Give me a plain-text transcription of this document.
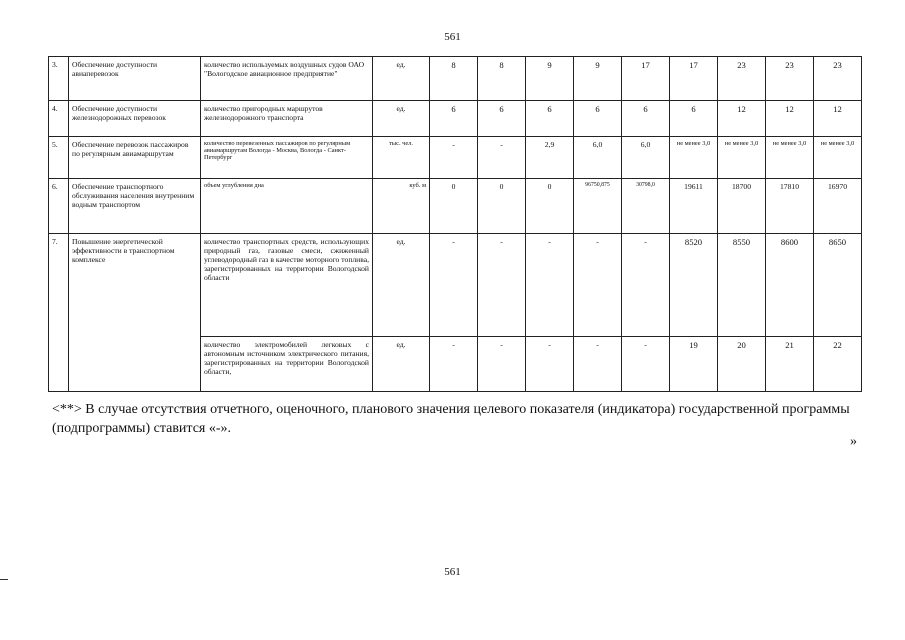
561
3.	Обеспечение доступности авиаперевозок	количество используемых воздушных судов ОАО "Вологодское авиационное предприятие"	ед.	8	8	9	9	17	17	23	23	23
4.	Обеспечение доступности железнодорожных перевозок	количество пригородных маршрутов железнодорожного транспорта	ед.	6	6	6	6	6	6	12	12	12
5.	Обеспечение перевозок пассажиров по регулярным авиамаршрутам	количество перевезенных пассажиров по регулярным авиамаршрутам Вологда - Москва, Вологда - Санкт-Петербург	тыс. чел.	-	-	2,9	6,0	6,0	не менее 3,0	не менее 3,0	не менее 3,0	не менее 3,0
6.	Обеспечение транспортного обслуживания населения внутренним водным транспортом	объем углубления дна	куб. м	0	0	0	96750,875	30798,0	19611	18700	17810	16970
7.	Повышение энергетической эффективности в транспортном комплексе	количество транспортных средств, использующих природный газ, газовые смеси, сжиженный углеводородный газ в качестве моторного топлива, зарегистрированных на территории Вологодской области	ед.	-	-	-	-	-	8520	8550	8600	8650
		количество электромобилей легковых с автономным источником электрического питания, зарегистрированных на территории Вологодской области,	ед.	-	-	-	-	-	19	20	21	22
<**> В случае отсутствия отчетного, оценочного, планового значения целевого показателя (индикатора) государственной программы (подпрограммы) ставится «-».
»
561
